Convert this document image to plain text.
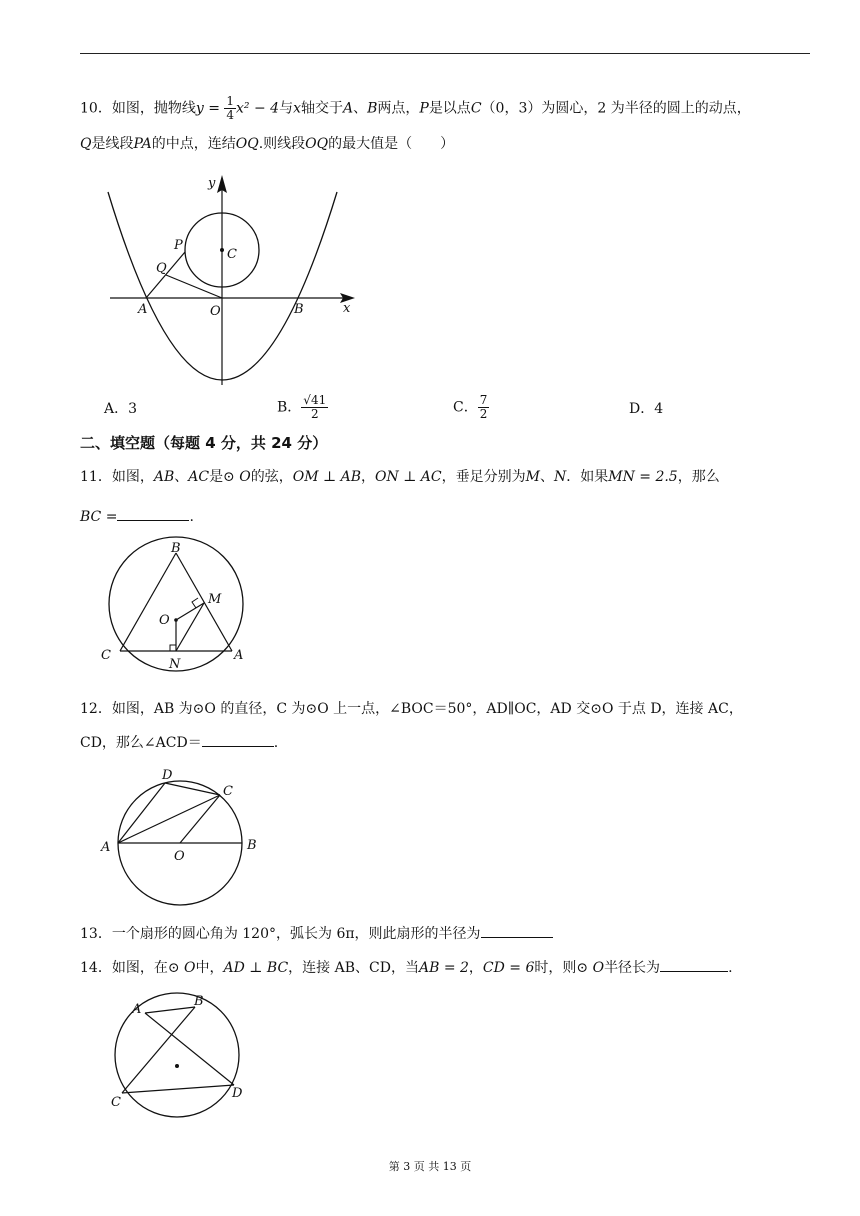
10．如图，抛物线$y = \frac{1}{4} x^2 - 4$与x轴交于A、B两点，P是以点C（0，3）为圆心，2 为半径的圆上的动点，
Q是线段PA的中点，连结OQ.则线段OQ的最大值是（　　）
y
x
P
Q
C
A	O	B
A．3	B． $\frac{√41}{2}$	C． $\frac{7}{2}$	D．4
二、填空题（每题 4 分，共 24 分）
11．如图，AB、AC是⊙ O的弦，OM ⊥ AB，ON ⊥ AC，垂足分别为M、N．如果MN = 2.5，那么
BC =	.
B
M
O
C
N
A
12．如图，AB 为⊙O 的直径，C 为⊙O 上一点，∠BOC＝50°，AD∥OC，AD 交⊙O 于点 D，连接 AC，
CD，那么∠ACD＝	.
D
C
A
O
B
13．一个扇形的圆心角为 120°，弧长为 6π，则此扇形的半径为
14．如图，在⊙ O中，AD ⊥ BC，连接 AB、CD，当AB = 2，CD = 6时，则⊙ O半径长为	.
A
B
C
D
第 3 页 共 13 页
